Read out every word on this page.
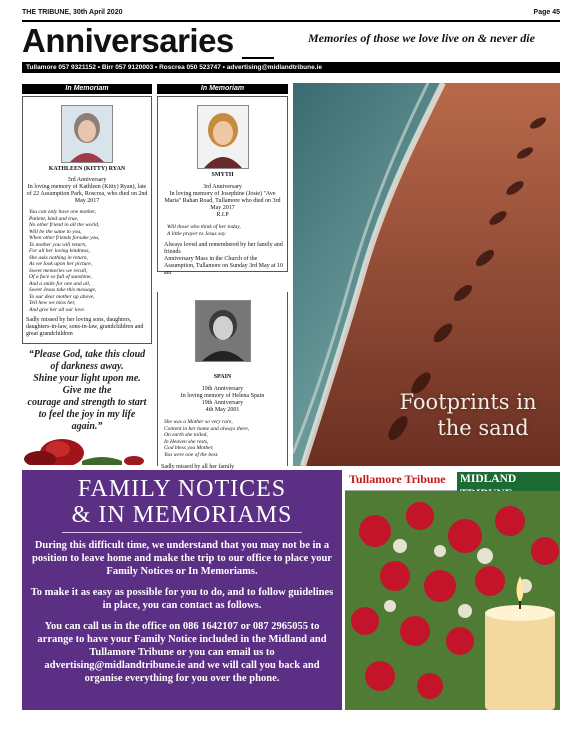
THE TRIBUNE, 30th April 2020	Page 45
Anniversaries	Memories of those we love live on & never die
Tullamore 057 9321152 • Birr 057 9120003 • Roscrea 050 523747 • advertising@midlandtribune.ie
In Memoriam	In Memoriam
KATHLEEN (KITTY) RYAN
3rd Anniversary
In loving memory of Kathleen (Kitty) Ryan), late of 22 Assumption Park, Roscrea, who died on 2nd May 2017
You can only have one mother,
Patient, kind and true,
No other friend in all the world,
Will be the same to you,
When other friends forsake you,
To mother you will return,
For all her loving kindness,
She asks nothing in return,
As we look upon her picture,
Sweet memories we recall,
Of a face so full of sunshine,
And a smile for one and all,
Sweet Jesus take this message,
To our dear mother up above,
Tell hew we miss her,
And give her all our love.
Sadly missed by her loving sons, daughters, daughters-in-law, sons-in-law, grandchildren and great grandchildren
“Please God, take this cloud
of darkness away.
Shine your light upon me.
Give me the
courage and strength to start
to feel the joy in my life
again.”
SMYTH
3rd Anniversary
In loving memory of Josephine (Josie) "Ave Maria" Rahan Road, Tullamore who died on 3rd May 2017
R.I.P
Will those who think of her today,
A little prayer to Jesus say
Always loved and remembered by her family and friends
Anniversary Mass in the Church of the Assumption, Tullamore on Sunday 3rd May at 10 am
SPAIN
19th Anniversary
In loving memory of Helena Spain
19th Anniversary
4th May 2001
She was a Mother so very rare,
Content in her home and always there,
On earth she toiled,
In Heaven she rests,
God bless you Mother,
You were one of the best.
Sadly missed by all her family
Footprints in
the sand
FAMILY NOTICES
& IN MEMORIAMS

During this difficult time, we understand that you may not be in a position to leave home and make the trip to our office to place your Family Notices or In Memoriams.

To make it as easy as possible for you to do, and to follow guidelines in place, you can contact as follows.

You can call us in the office on 086 1642107 or 087 2965055 to arrange to have your Family Notice included in the Midland and Tullamore Tribune or you can email us to advertising@midlandtribune.ie and we will call you back and organise everything for you over the phone.

Tullamore Tribune MIDLAND
